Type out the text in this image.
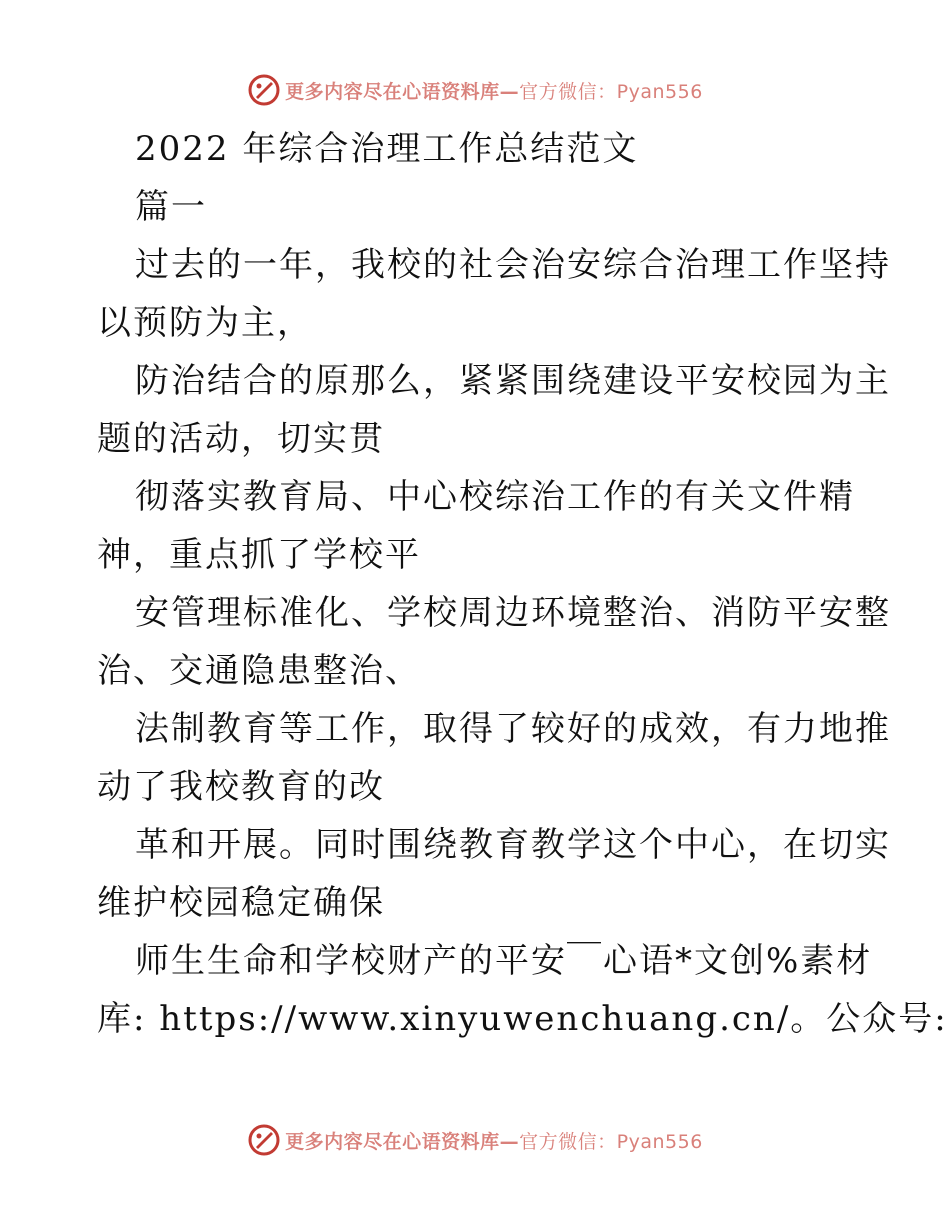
更多内容尽在心语资料库—官方微信：Pyan556
2022 年综合治理工作总结范文
篇一
过去的一年，我校的社会治安综合治理工作坚持
以预防为主，
防治结合的原那么，紧紧围绕建设平安校园为主
题的活动，切实贯
彻落实教育局、中心校综治工作的有关文件精
神，重点抓了学校平
安管理标准化、学校周边环境整治、消防平安整
治、交通隐患整治、
法制教育等工作，取得了较好的成效，有力地推
动了我校教育的改
革和开展。同时围绕教育教学这个中心，在切实
维护校园稳定确保
师生生命和学校财产的平安￣心语*文创%素材
库: https://www.xinyuwenchuang.cn/。公众号:
更多内容尽在心语资料库—官方微信：Pyan556
